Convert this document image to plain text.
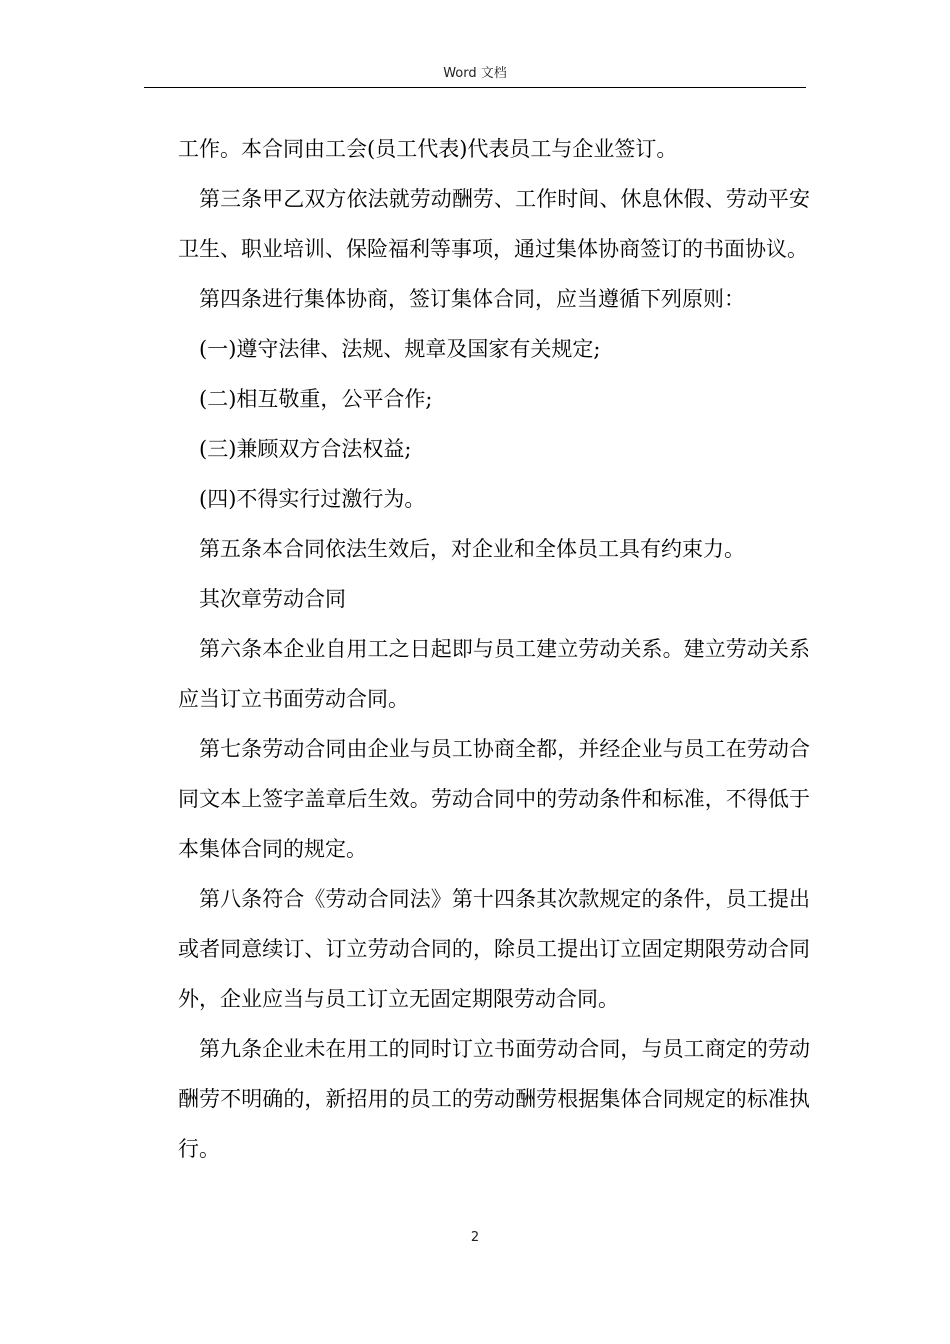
Word 文档

工作。本合同由工会(员工代表)代表员工与企业签订。

第三条甲乙双方依法就劳动酬劳、工作时间、休息休假、劳动平安卫生、职业培训、保险福利等事项，通过集体协商签订的书面协议。

第四条进行集体协商，签订集体合同，应当遵循下列原则：

(一)遵守法律、法规、规章及国家有关规定;

(二)相互敬重，公平合作;

(三)兼顾双方合法权益;

(四)不得实行过激行为。

第五条本合同依法生效后，对企业和全体员工具有约束力。

其次章劳动合同

第六条本企业自用工之日起即与员工建立劳动关系。建立劳动关系应当订立书面劳动合同。

第七条劳动合同由企业与员工协商全都，并经企业与员工在劳动合同文本上签字盖章后生效。劳动合同中的劳动条件和标准，不得低于本集体合同的规定。

第八条符合《劳动合同法》第十四条其次款规定的条件，员工提出或者同意续订、订立劳动合同的，除员工提出订立固定期限劳动合同外，企业应当与员工订立无固定期限劳动合同。

第九条企业未在用工的同时订立书面劳动合同，与员工商定的劳动酬劳不明确的，新招用的员工的劳动酬劳根据集体合同规定的标准执行。

2
